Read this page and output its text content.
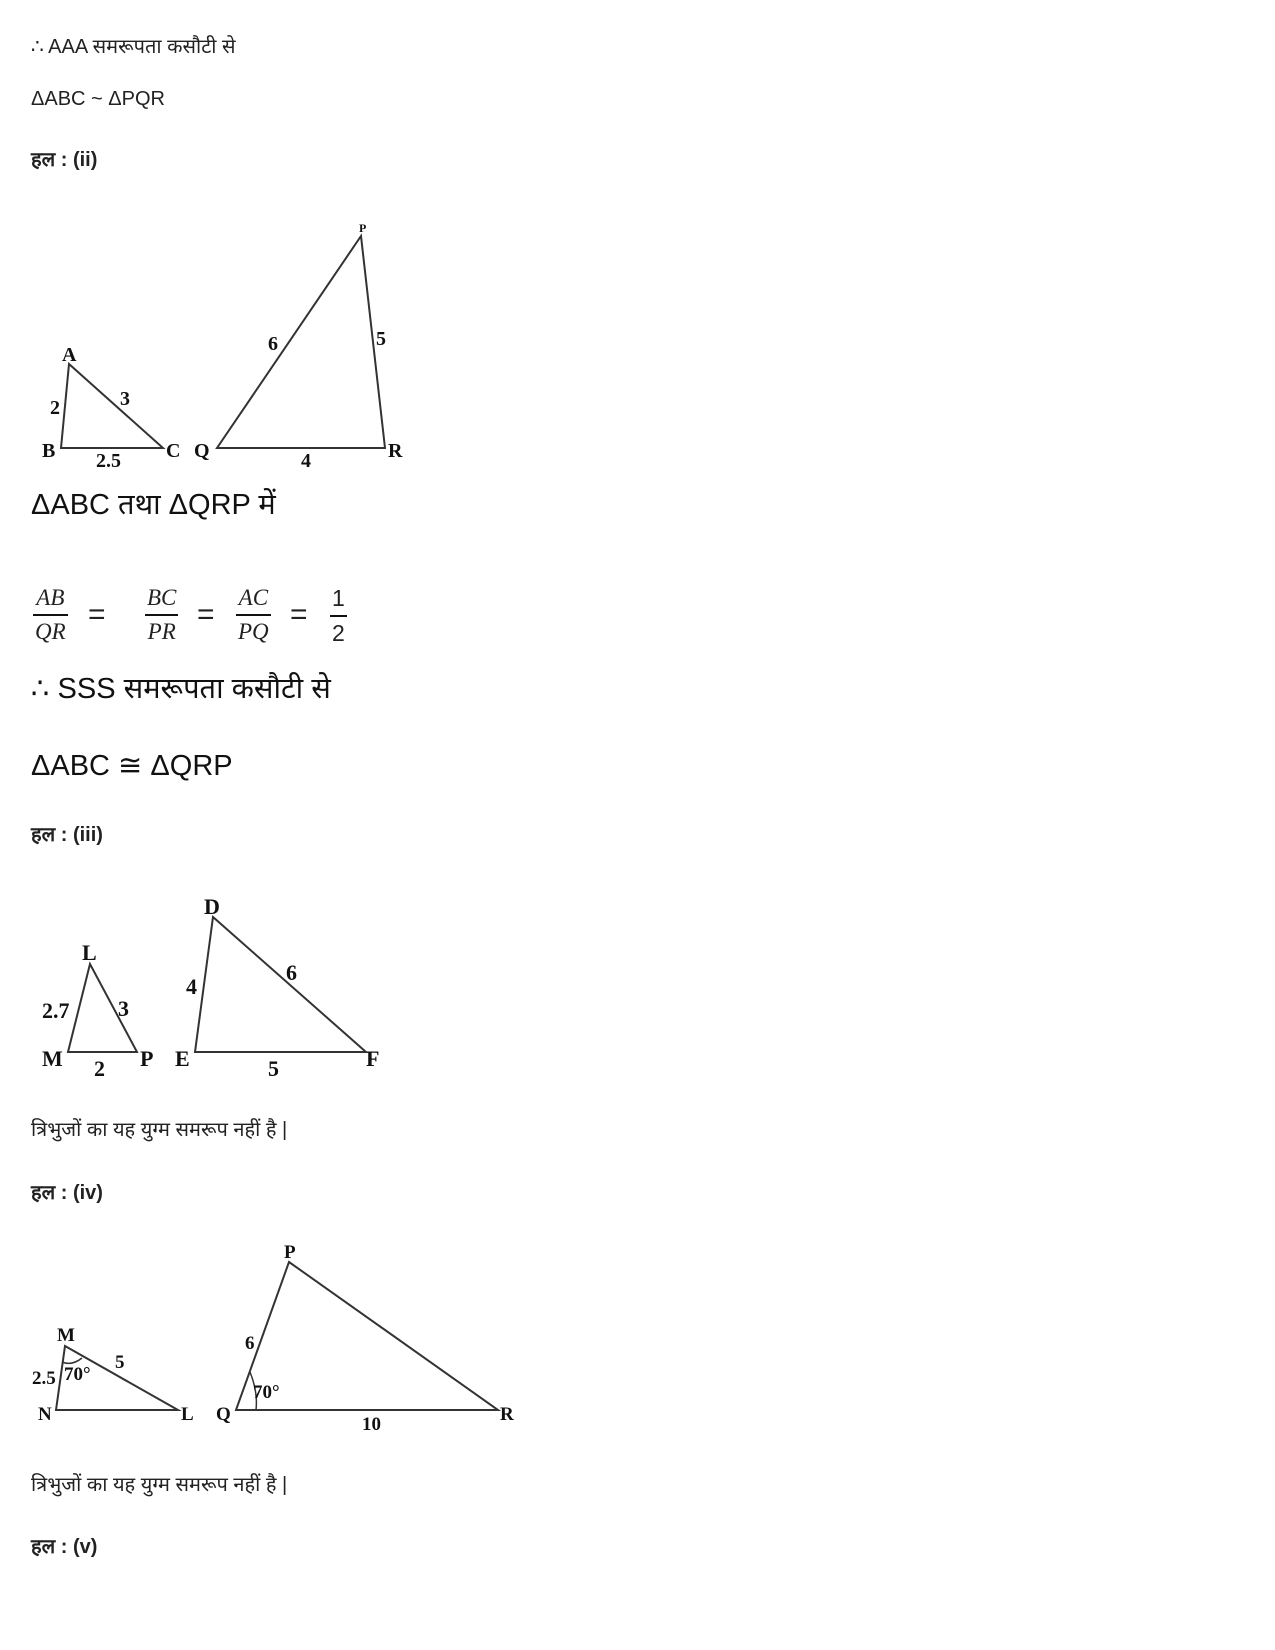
∴ AAA समरूपता कसौटी से
ΔABC ~ ΔPQR
हल : (ii)
A
B	C
2	3
2.5
P
Q	R
6	5
4
ΔABC तथा ΔQRP में
AB
QR
=
BC
PR
=
AC
PQ
= 1
2
∴ SSS समरूपता कसौटी से
ΔABC ≅ ΔQRP
हल : (iii)
L
M	P
2.7 3
2
D
E	F
4
6
5
त्रिभुजों का यह युग्म समरूप नहीं है |
हल : (iv)
M
N	L
2.5
5
70°
P
Q	R
6
10
70°
त्रिभुजों का यह युग्म समरूप नहीं है |
हल : (v)
